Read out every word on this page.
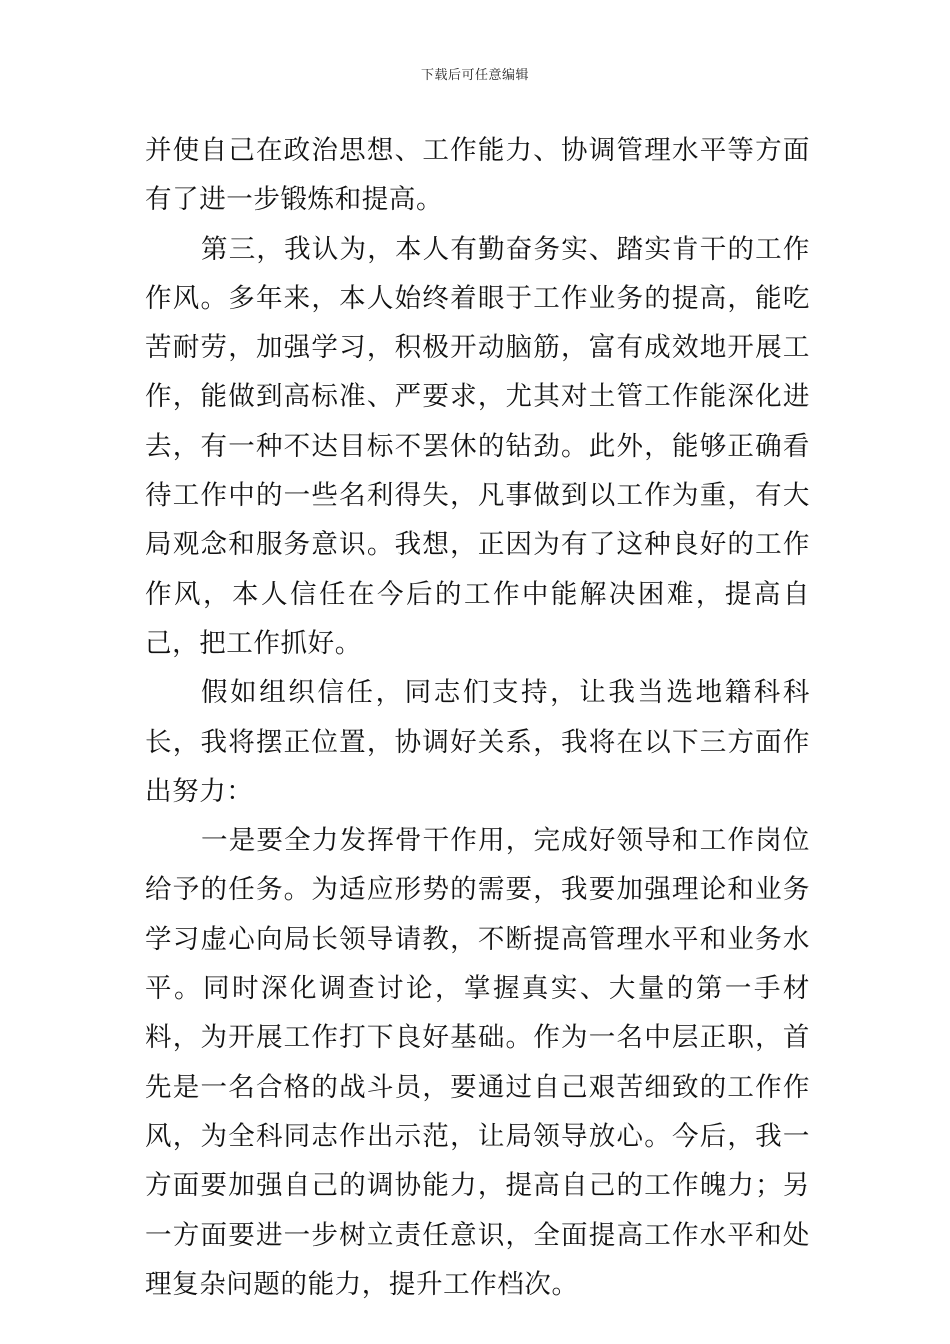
下载后可任意编辑

并使自己在政治思想、工作能力、协调管理水平等方面有了进一步锻炼和提高。

第三，我认为，本人有勤奋务实、踏实肯干的工作作风。多年来，本人始终着眼于工作业务的提高，能吃苦耐劳，加强学习，积极开动脑筋，富有成效地开展工作，能做到高标准、严要求，尤其对土管工作能深化进去，有一种不达目标不罢休的钻劲。此外，能够正确看待工作中的一些名利得失，凡事做到以工作为重，有大局观念和服务意识。我想，正因为有了这种良好的工作作风，本人信任在今后的工作中能解决困难，提高自己，把工作抓好。

假如组织信任，同志们支持，让我当选地籍科科长，我将摆正位置，协调好关系，我将在以下三方面作出努力：

一是要全力发挥骨干作用，完成好领导和工作岗位给予的任务。为适应形势的需要，我要加强理论和业务学习虚心向局长领导请教，不断提高管理水平和业务水平。同时深化调查讨论，掌握真实、大量的第一手材料，为开展工作打下良好基础。作为一名中层正职，首先是一名合格的战斗员，要通过自己艰苦细致的工作作风，为全科同志作出示范，让局领导放心。今后，我一方面要加强自己的调协能力，提高自己的工作魄力；另一方面要进一步树立责任意识，全面提高工作水平和处理复杂问题的能力，提升工作档次。
